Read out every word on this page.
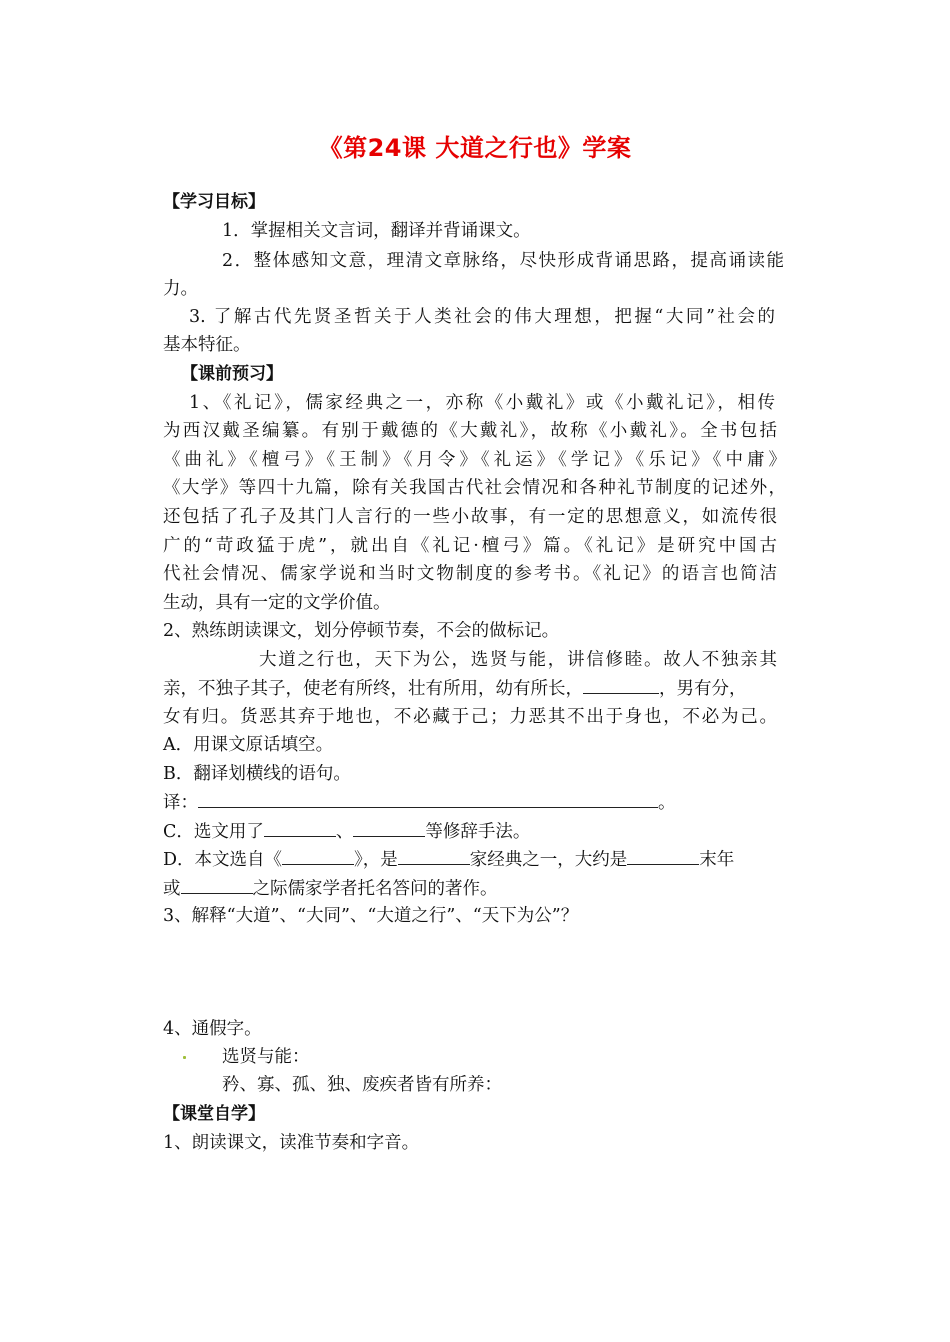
《第24课 大道之行也》学案
【学习目标】
1．掌握相关文言词，翻译并背诵课文。
2．整体感知文意，理清文章脉络，尽快形成背诵思路，提高诵读能
力。
3. 了解古代先贤圣哲关于人类社会的伟大理想，把握“大同”社会的
基本特征。
【课前预习】
1、《礼记》，儒家经典之一，亦称《小戴礼》或《小戴礼记》，相传
为西汉戴圣编纂。有别于戴德的《大戴礼》，故称《小戴礼》。全书包括
《曲礼》《檀弓》《王制》《月令》《礼运》《学记》《乐记》《中庸》
《大学》等四十九篇，除有关我国古代社会情况和各种礼节制度的记述外，
还包括了孔子及其门人言行的一些小故事，有一定的思想意义，如流传很
广的“苛政猛于虎”，就出自《礼记·檀弓》篇。《礼记》是研究中国古
代社会情况、儒家学说和当时文物制度的参考书。《礼记》的语言也简洁
生动，具有一定的文学价值。
2、熟练朗读课文，划分停顿节奏，不会的做标记。
大道之行也，天下为公，选贤与能，讲信修睦。故人不独亲其
亲，不独子其子，使老有所终，壮有所用，幼有所长，	，男有分，
女有归。货恶其弃于地也，不必藏于己；力恶其不出于身也，不必为己。
A．用课文原话填空。
B．翻译划横线的语句。
译：	。
C．选文用了	、	等修辞手法。
D．本文选自《	》，是	家经典之一，大约是	末年
或	之际儒家学者托名答问的著作。
3、解释“大道”、“大同”、“大道之行”、“天下为公”？
4、通假字。
选贤与能：
矜、寡、孤、独、废疾者皆有所养：
【课堂自学】
1、朗读课文，读准节奏和字音。
